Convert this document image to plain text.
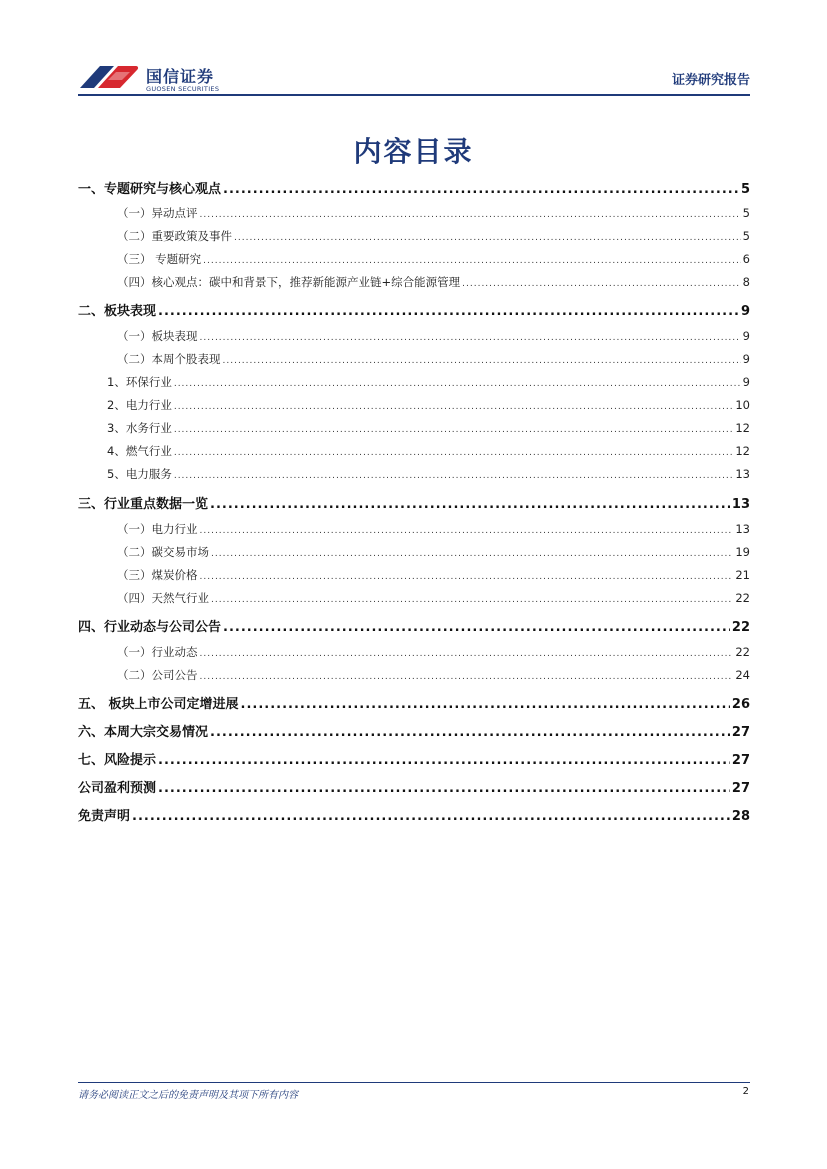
国信证券
GUOSEN SECURITIES
证券研究报告
内容目录
一、专题研究与核心观点 .....	5
（一）异动点评 .....	5
（二）重要政策及事件 .....	5
（三） 专题研究 .....	6
（四）核心观点：碳中和背景下，推荐新能源产业链+综合能源管理 .....	8
二、板块表现 .....	9
（一）板块表现 .....	9
（二）本周个股表现 .....	9
1、环保行业 .....	9
2、电力行业 .....	10
3、水务行业 .....	12
4、燃气行业 .....	12
5、电力服务 .....	13
三、行业重点数据一览 .....	13
（一）电力行业 .....	13
（二）碳交易市场 .....	19
（三）煤炭价格 .....	21
（四）天然气行业 .....	22
四、行业动态与公司公告 .....	22
（一）行业动态 .....	22
（二）公司公告 .....	24
五、 板块上市公司定增进展 .....	26
六、本周大宗交易情况 .....	27
七、风险提示 .....	27
公司盈利预测 .....	27
免责声明 .....	28
请务必阅读正文之后的免责声明及其项下所有内容	2
